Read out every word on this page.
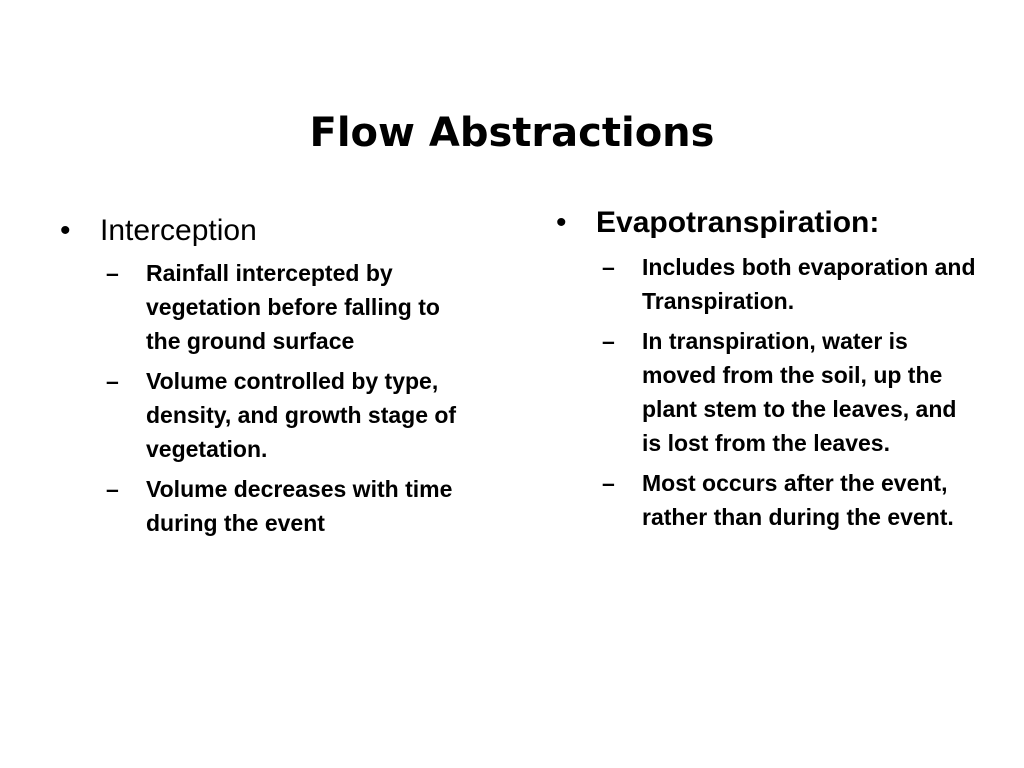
Flow Abstractions
• Interception
– Rainfall intercepted by vegetation before falling to the ground surface
– Volume controlled by type, density, and growth stage of vegetation.
– Volume decreases with time during the event
• Evapotranspiration:
– Includes both evaporation and Transpiration.
– In transpiration, water is moved from the soil, up the plant stem to the leaves, and is lost from the leaves.
– Most occurs after the event, rather than during the event.
